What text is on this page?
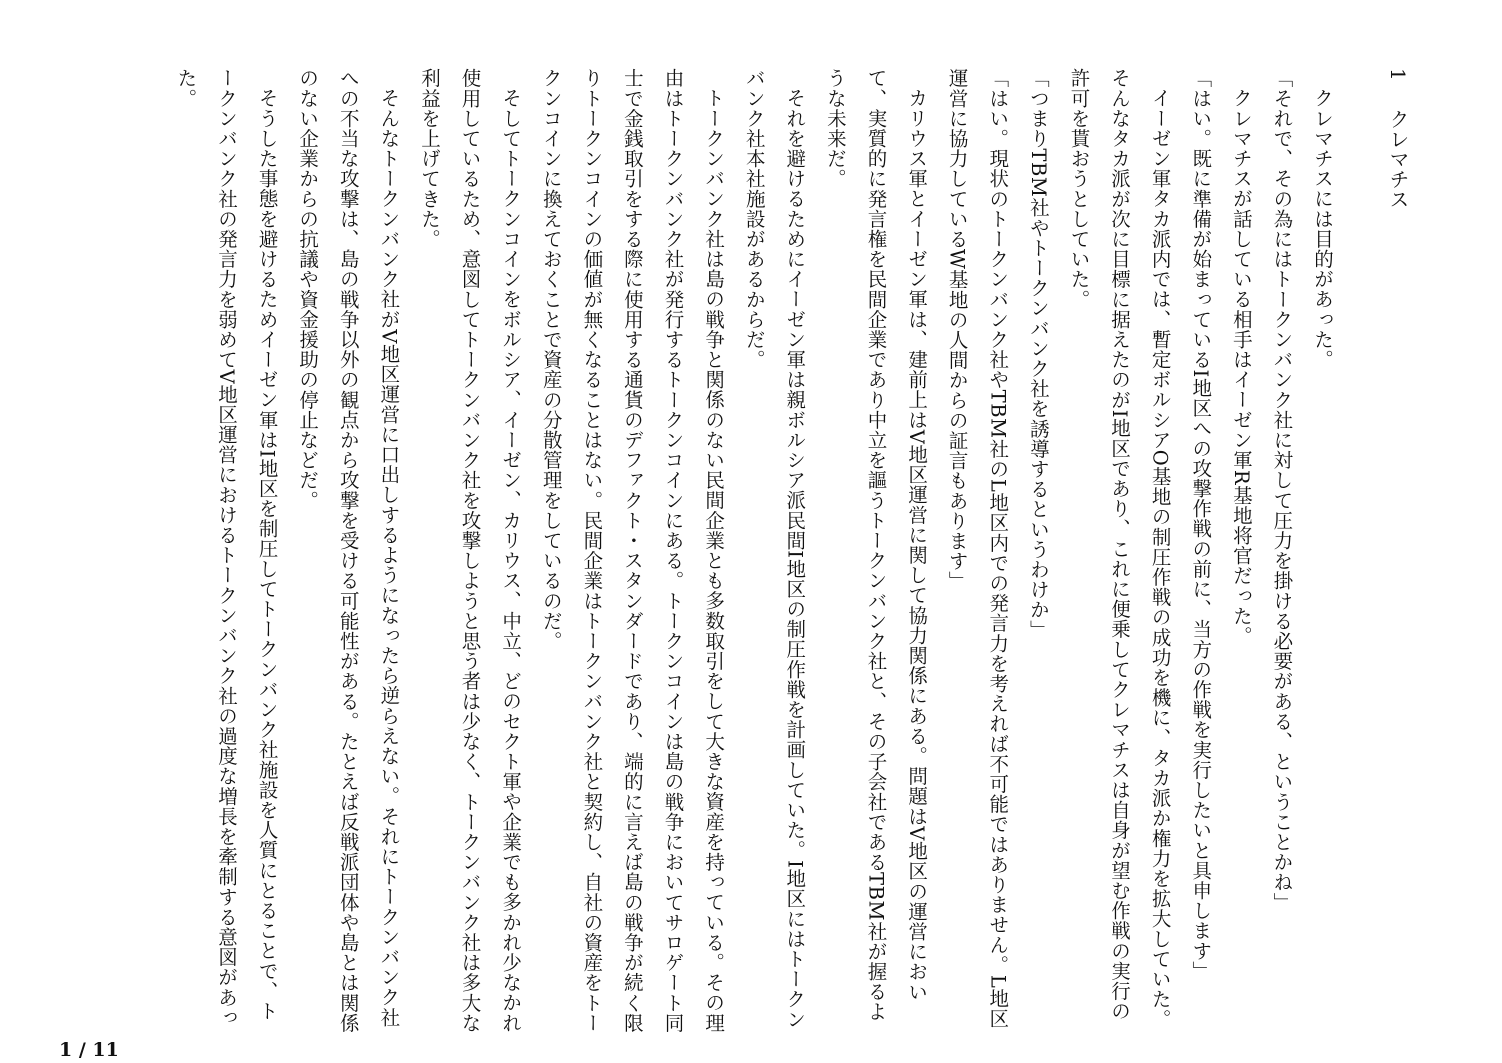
1クレマチス

クレマチスには目的があった。

「それで、その為にはトークンバンク社に対して圧力を掛ける必要がある、ということかね」

クレマチスが話している相手はイーゼン軍R基地将官だった。

「はい。既に準備が始まっているI地区への攻撃作戦の前に、当方の作戦を実行したいと具申します」

イーゼン軍タカ派内では、暫定ボルシアO基地の制圧作戦の成功を機に、タカ派か権力を拡大していた。そんなタカ派が次に目標に据えたのがI地区であり、これに便乗してクレマチスは自身が望む作戦の実行の許可を貰おうとしていた。

「つまりTBM社やトークンバンク社を誘導するというわけか」

「はい。現状のトークンバンク社やTBM社のL地区内での発言力を考えれば不可能ではありません。L地区運営に協力しているW基地の人間からの証言もあります」

カリウス軍とイーゼン軍は、建前上はV地区運営に関して協力関係にある。問題はV地区の運営において、実質的に発言権を民間企業であり中立を謳うトークンバンク社と、その子会社であるTBM社が握るような未来だ。

それを避けるためにイーゼン軍は親ボルシア派民間I地区の制圧作戦を計画していた。I地区にはトークンバンク社本社施設があるからだ。

トークンバンク社は島の戦争と関係のない民間企業とも多数取引をして大きな資産を持っている。その理由はトークンバンク社が発行するトークンコインにある。トークンコインは島の戦争においてサロゲート同士で金銭取引をする際に使用する通貨のデファクト・スタンダードであり、端的に言えば島の戦争が続く限りトークンコインの価値が無くなることはない。民間企業はトークンバンク社と契約し、自社の資産をトークンコインに換えておくことで資産の分散管理をしているのだ。

そしてトークンコインをボルシア、イーゼン、カリウス、中立、どのセクト軍や企業でも多かれ少なかれ使用しているため、意図してトークンバンク社を攻撃しようと思う者は少なく、トークンバンク社は多大な利益を上げてきた。

そんなトークンバンク社がV地区運営に口出しするようになったら逆らえない。それにトークンバンク社への不当な攻撃は、島の戦争以外の観点から攻撃を受ける可能性がある。たとえば反戦派団体や島とは関係のない企業からの抗議や資金援助の停止などだ。

そうした事態を避けるためイーゼン軍はI地区を制圧してトークンバンク社施設を人質にとることで、トークンバンク社の発言力を弱めてV地区運営におけるトークンバンク社の過度な増長を牽制する意図があった。

1 / 11
